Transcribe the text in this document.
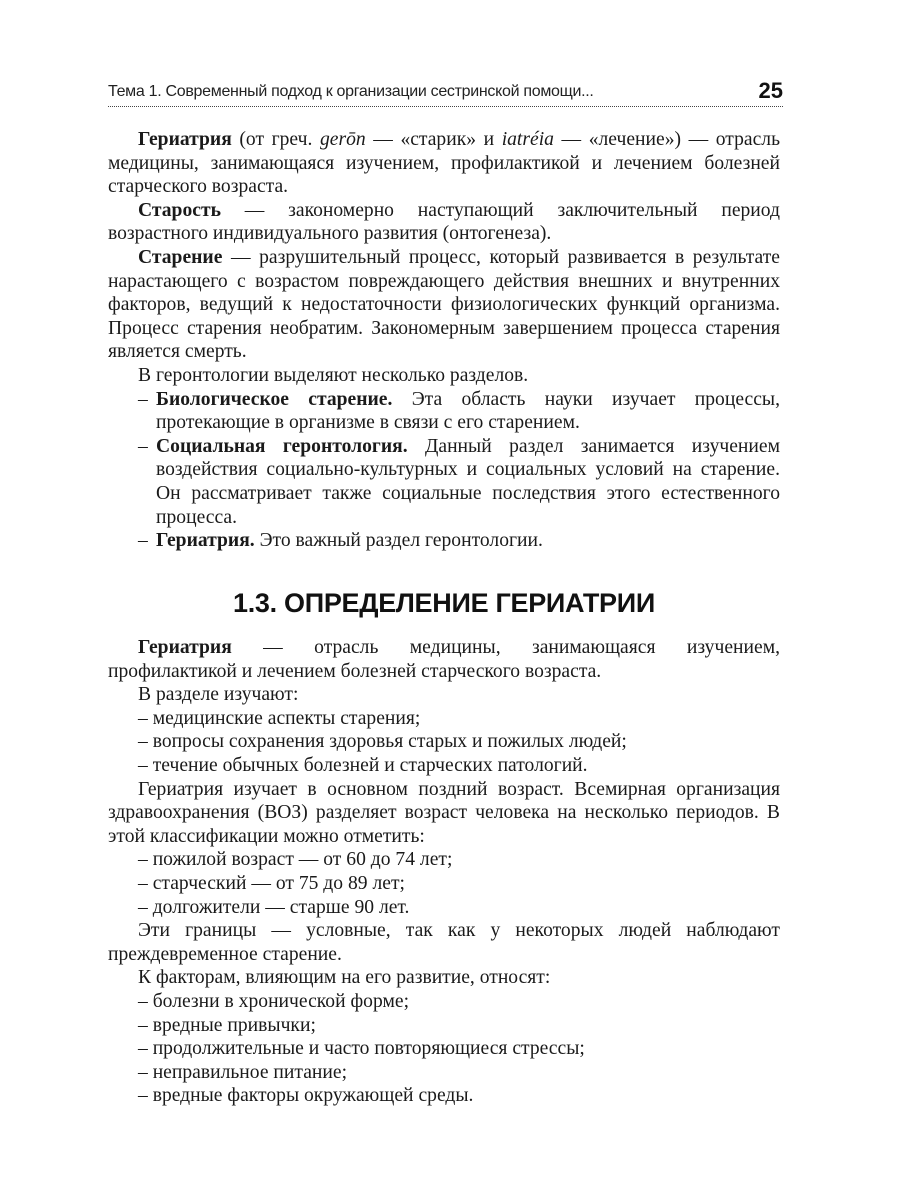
Тема 1. Современный подход к организации сестринской помощи...	25

Гериатрия (от греч. gerōn — «старик» и iatréia — «лечение») — отрасль медицины, занимающаяся изучением, профилактикой и лечением болезней старческого возраста.

Старость — закономерно наступающий заключительный период возрастного индивидуального развития (онтогенеза).

Старение — разрушительный процесс, который развивается в результате нарастающего с возрастом повреждающего действия внешних и внутренних факторов, ведущий к недостаточности физиологических функций организма. Процесс старения необратим. Закономерным завершением процесса старения является смерть.

В геронтологии выделяют несколько разделов.

– Биологическое старение. Эта область науки изучает процессы, протекающие в организме в связи с его старением.
– Социальная геронтология. Данный раздел занимается изучением воздействия социально-культурных и социальных условий на старение. Он рассматривает также социальные последствия этого естественного процесса.
– Гериатрия. Это важный раздел геронтологии.
1.3. ОПРЕДЕЛЕНИЕ ГЕРИАТРИИ

Гериатрия — отрасль медицины, занимающаяся изучением, профилактикой и лечением болезней старческого возраста.

В разделе изучают:

– медицинские аспекты старения;

– вопросы сохранения здоровья старых и пожилых людей;

– течение обычных болезней и старческих патологий.

Гериатрия изучает в основном поздний возраст. Всемирная организация здравоохранения (ВОЗ) разделяет возраст человека на несколько периодов. В этой классификации можно отметить:

– пожилой возраст — от 60 до 74 лет;

– старческий — от 75 до 89 лет;

– долгожители — старше 90 лет.

Эти границы — условные, так как у некоторых людей наблюдают преждевременное старение.

К факторам, влияющим на его развитие, относят:

– болезни в хронической форме;

– вредные привычки;

– продолжительные и часто повторяющиеся стрессы;

– неправильное питание;

– вредные факторы окружающей среды.
